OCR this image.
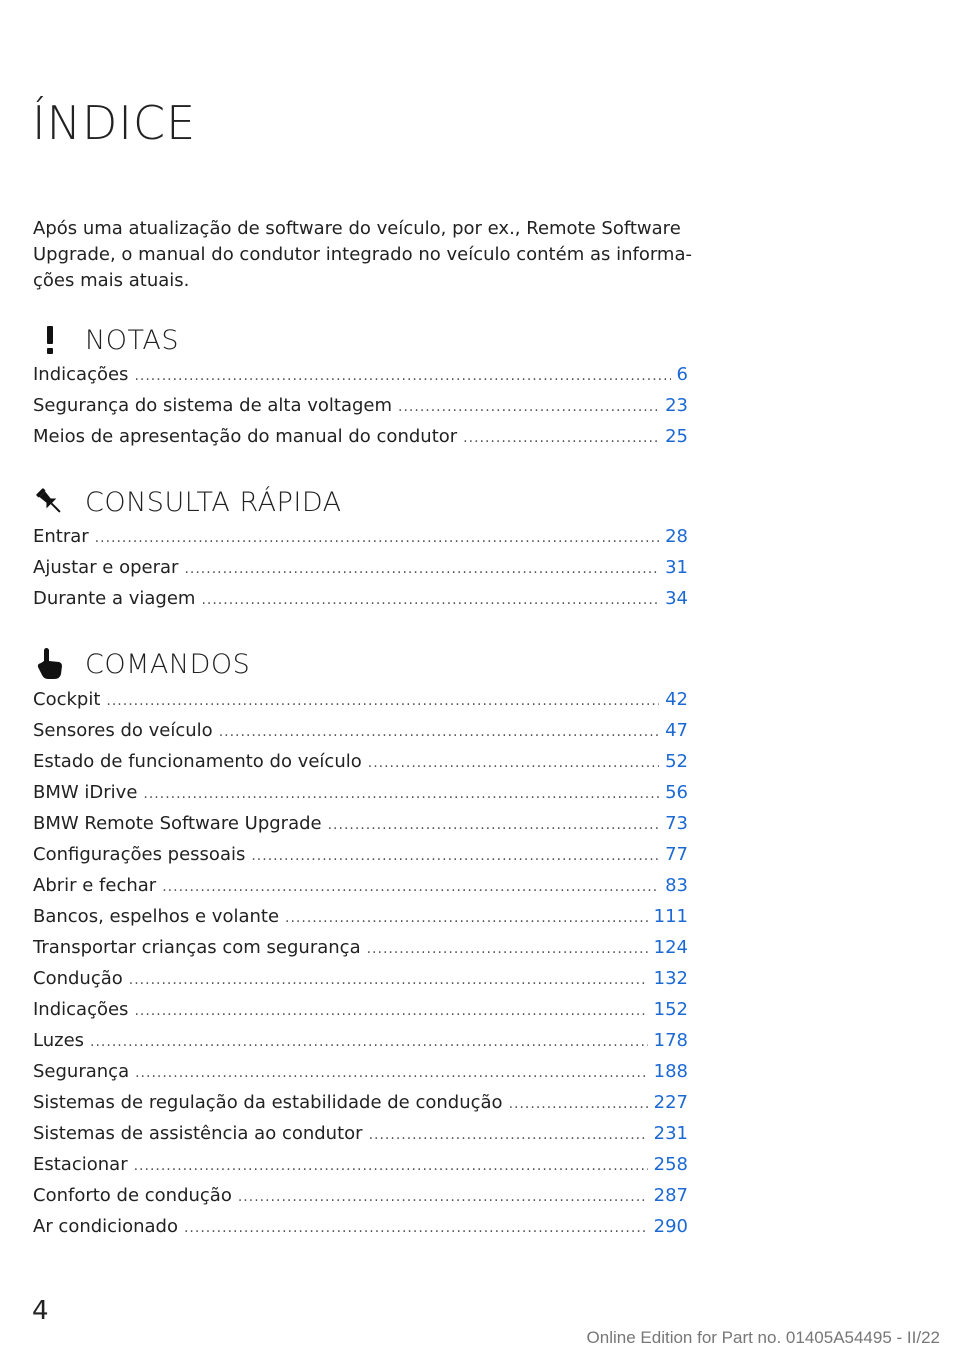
ÍNDICE

Após uma atualização de software do veículo, por ex., Remote Software Upgrade, o manual do condutor integrado no veículo contém as informa-ções mais atuais.

NOTAS
Indicações .....	6
Segurança do sistema de alta voltagem .....	23
Meios de apresentação do manual do condutor .....	25
CONSULTA RÁPIDA
Entrar .....	28
Ajustar e operar .....	31
Durante a viagem .....	34
COMANDOS
Cockpit .....	42
Sensores do veículo .....	47
Estado de funcionamento do veículo .....	52
BMW iDrive .....	56
BMW Remote Software Upgrade .....	73
Configurações pessoais .....	77
Abrir e fechar .....	83
Bancos, espelhos e volante .....	111
Transportar crianças com segurança .....	124
Condução .....	132
Indicações .....	152
Luzes .....	178
Segurança .....	188
Sistemas de regulação da estabilidade de condução .....	227
Sistemas de assistência ao condutor .....	231
Estacionar .....	258
Conforto de condução .....	287
Ar condicionado .....	290
4
Online Edition for Part no. 01405A54495 - II/22
